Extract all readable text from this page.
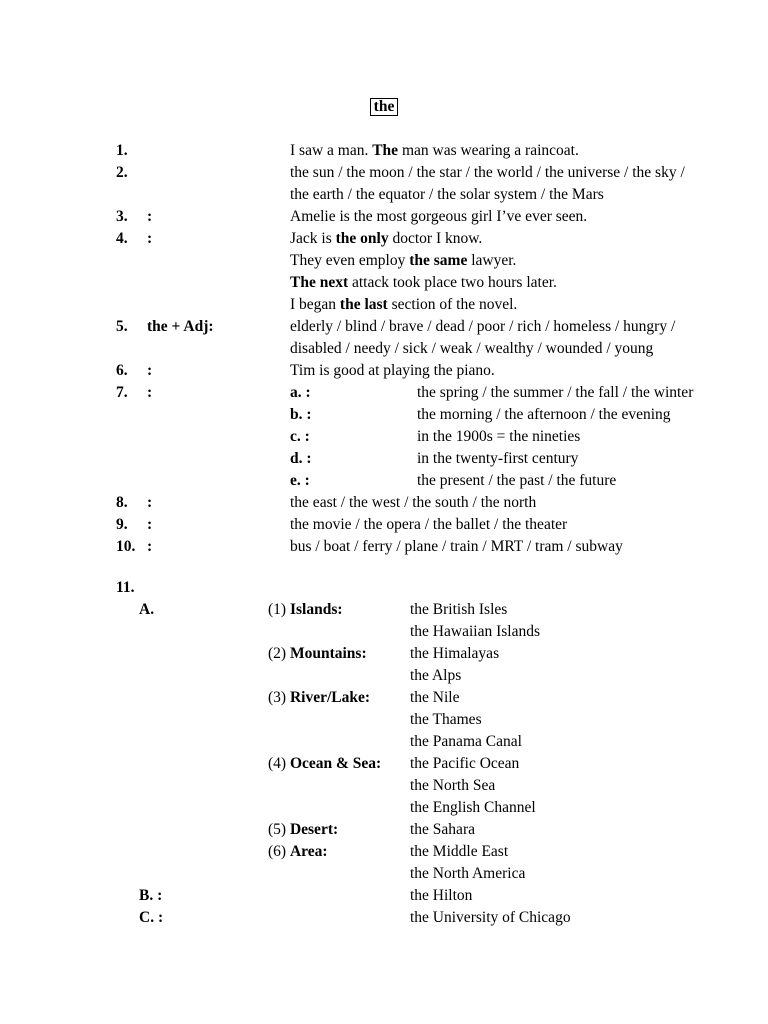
the
1.	I saw a man. The man was wearing a raincoat.
2.	the sun / the moon / the star / the world / the universe / the sky /
the earth / the equator / the solar system / the Mars
3. :	Amelie is the most gorgeous girl I’ve ever seen.
4. :	Jack is the only doctor I know.
They even employ the same lawyer.
The next attack took place two hours later.
I began the last section of the novel.
5. the + Adj:	elderly / blind / brave / dead / poor / rich / homeless / hungry /
disabled / needy / sick / weak / wealthy / wounded / young
6. :	Tim is good at playing the piano.
7. :	a. :	the spring / the summer / the fall / the winter
b. :	the morning / the afternoon / the evening
c. :	in the 1900s = the nineties
d. :	in the twenty-first century
e. :	the present / the past / the future
8. :	the east / the west / the south / the north
9. :	the movie / the opera / the ballet / the theater
10. :	bus / boat / ferry / plane / train / MRT / tram / subway
11.
A.	(1) Islands:	the British Isles
the Hawaiian Islands
(2) Mountains:	the Himalayas
the Alps
(3) River/Lake:	the Nile
the Thames
the Panama Canal
(4) Ocean & Sea: the Pacific Ocean
the North Sea
the English Channel
(5) Desert:	the Sahara
(6) Area:	the Middle East
the North America
B. :	the Hilton
C. :	the University of Chicago
